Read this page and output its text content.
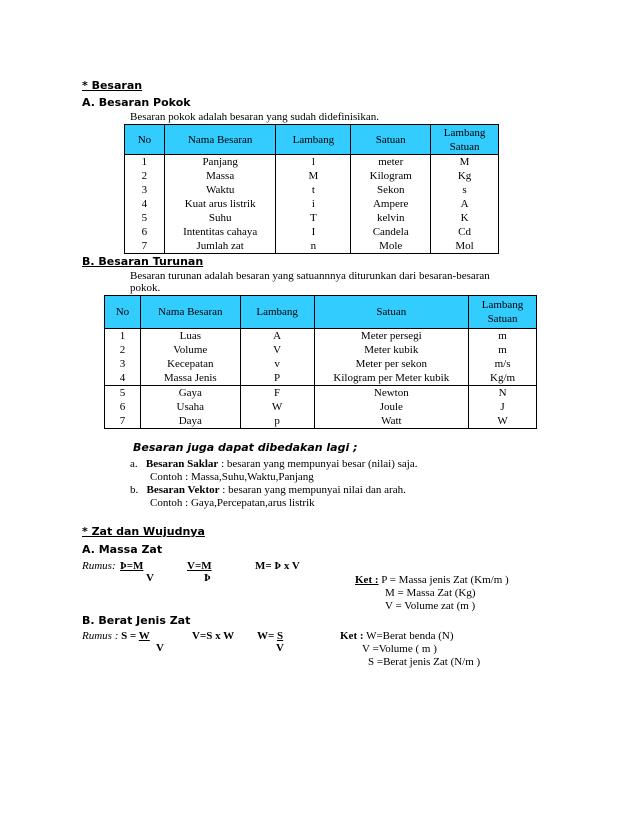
* Besaran
A. Besaran Pokok
Besaran pokok adalah besaran yang sudah didefinisikan.
No	Nama Besaran	Lambang	Satuan	Lambang Satuan
1	Panjang	l	meter	M
2	Massa	M	Kilogram	Kg
3	Waktu	t	Sekon	s
4	Kuat arus listrik	i	Ampere	A
5	Suhu	T	kelvin	K
6	Intentitas cahaya	I	Candela	Cd
7	Jumlah zat	n	Mole	Mol
B. Besaran Turunan
Besaran turunan adalah besaran yang satuannnya diturunkan dari besaran-besaran
pokok.
No	Nama Besaran	Lambang	Satuan	Lambang Satuan
1	Luas	A	Meter persegi	m
2	Volume	V	Meter kubik	m
3	Kecepatan	v	Meter per sekon	m/s
4	Massa Jenis	P	Kilogram per Meter kubik	Kg/m
5	Gaya	F	Newton	N
6	Usaha	W	Joule	J
7	Daya	p	Watt	W
Besaran juga dapat dibedakan lagi ;
a. Besaran Saklar : besaran yang mempunyai besar (nilai) saja.
Contoh : Massa,Suhu,Waktu,Panjang
b. Besaran Vektor : besaran yang mempunyai nilai dan arah.
Contoh : Gaya,Percepatan,arus listrik
* Zat dan Wujudnya
A. Massa Zat
Rumus: Þ=M
V
V=M
Þ
M= Þ x V
Ket : P = Massa jenis Zat (Km/m )
M = Massa Zat (Kg)
V = Volume zat (m )
B. Berat Jenis Zat
Rumus : S = W
V
V=S x W W= S
V
Ket : W=Berat benda (N)
V =Volume ( m )
S =Berat jenis Zat (N/m )
